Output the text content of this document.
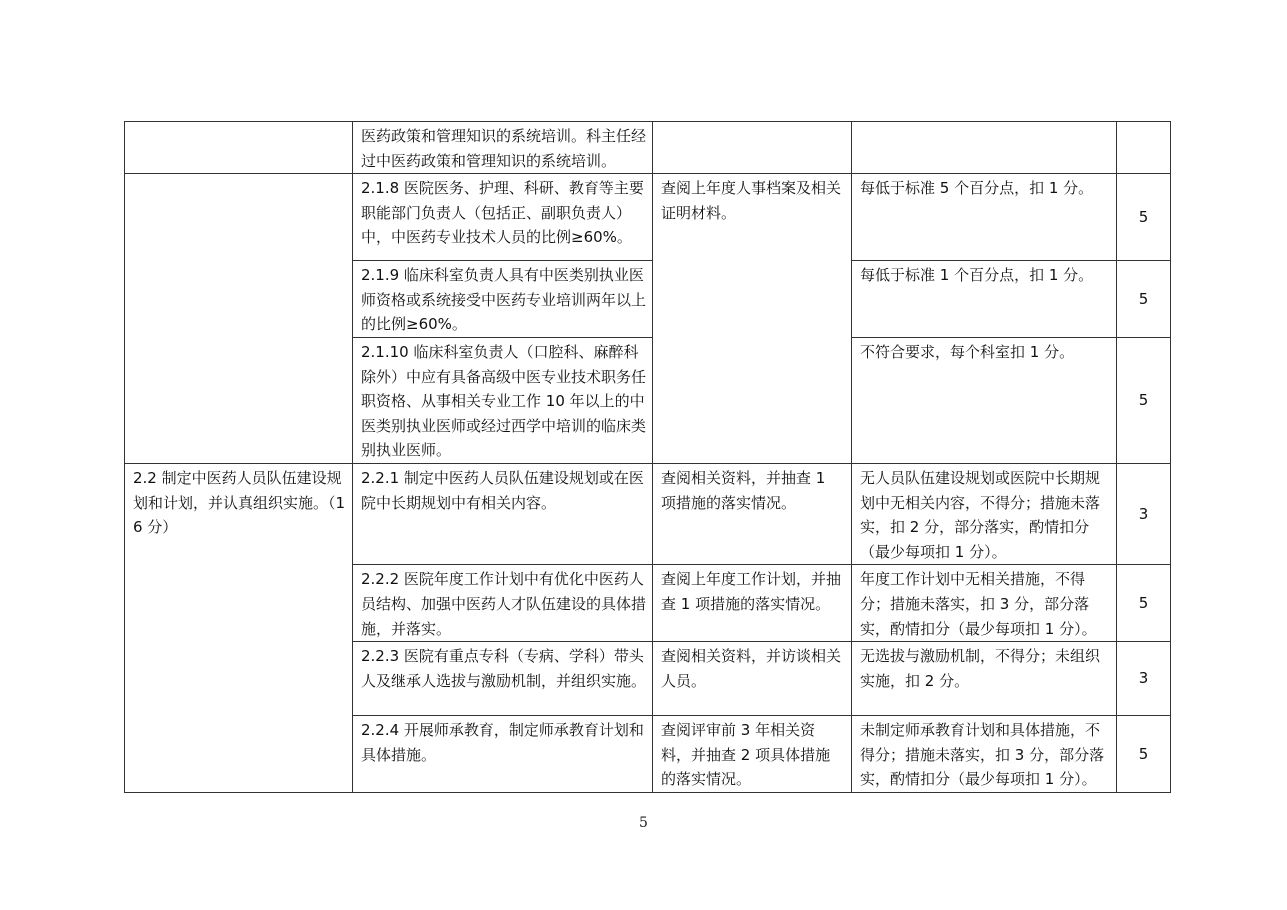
	医药政策和管理知识的系统培训。科主任经过中医药政策和管理知识的系统培训。			
	2.1.8 医院医务、护理、科研、教育等主要职能部门负责人（包括正、副职负责人）中，中医药专业技术人员的比例≥60%。	查阅上年度人事档案及相关证明材料。	每低于标准 5 个百分点，扣 1 分。	5
	2.1.9 临床科室负责人具有中医类别执业医师资格或系统接受中医药专业培训两年以上的比例≥60%。		每低于标准 1 个百分点，扣 1 分。	5
	2.1.10 临床科室负责人（口腔科、麻醉科除外）中应有具备高级中医专业技术职务任职资格、从事相关专业工作 10 年以上的中医类别执业医师或经过西学中培训的临床类别执业医师。		不符合要求，每个科室扣 1 分。	5
2.2 制定中医药人员队伍建设规划和计划，并认真组织实施。（16 分）	2.2.1 制定中医药人员队伍建设规划或在医院中长期规划中有相关内容。	查阅相关资料，并抽查 1 项措施的落实情况。	无人员队伍建设规划或医院中长期规划中无相关内容，不得分；措施未落实，扣 2 分，部分落实，酌情扣分（最少每项扣 1 分）。	3
	2.2.2 医院年度工作计划中有优化中医药人员结构、加强中医药人才队伍建设的具体措施，并落实。	查阅上年度工作计划，并抽查 1 项措施的落实情况。	年度工作计划中无相关措施，不得分；措施未落实，扣 3 分，部分落实，酌情扣分（最少每项扣 1 分）。	5
	2.2.3 医院有重点专科（专病、学科）带头人及继承人选拔与激励机制，并组织实施。	查阅相关资料，并访谈相关人员。	无选拔与激励机制，不得分；未组织实施，扣 2 分。	3
	2.2.4 开展师承教育，制定师承教育计划和具体措施。	查阅评审前 3 年相关资料，并抽查 2 项具体措施的落实情况。	未制定师承教育计划和具体措施，不得分；措施未落实，扣 3 分，部分落实，酌情扣分（最少每项扣 1 分）。	5
5
